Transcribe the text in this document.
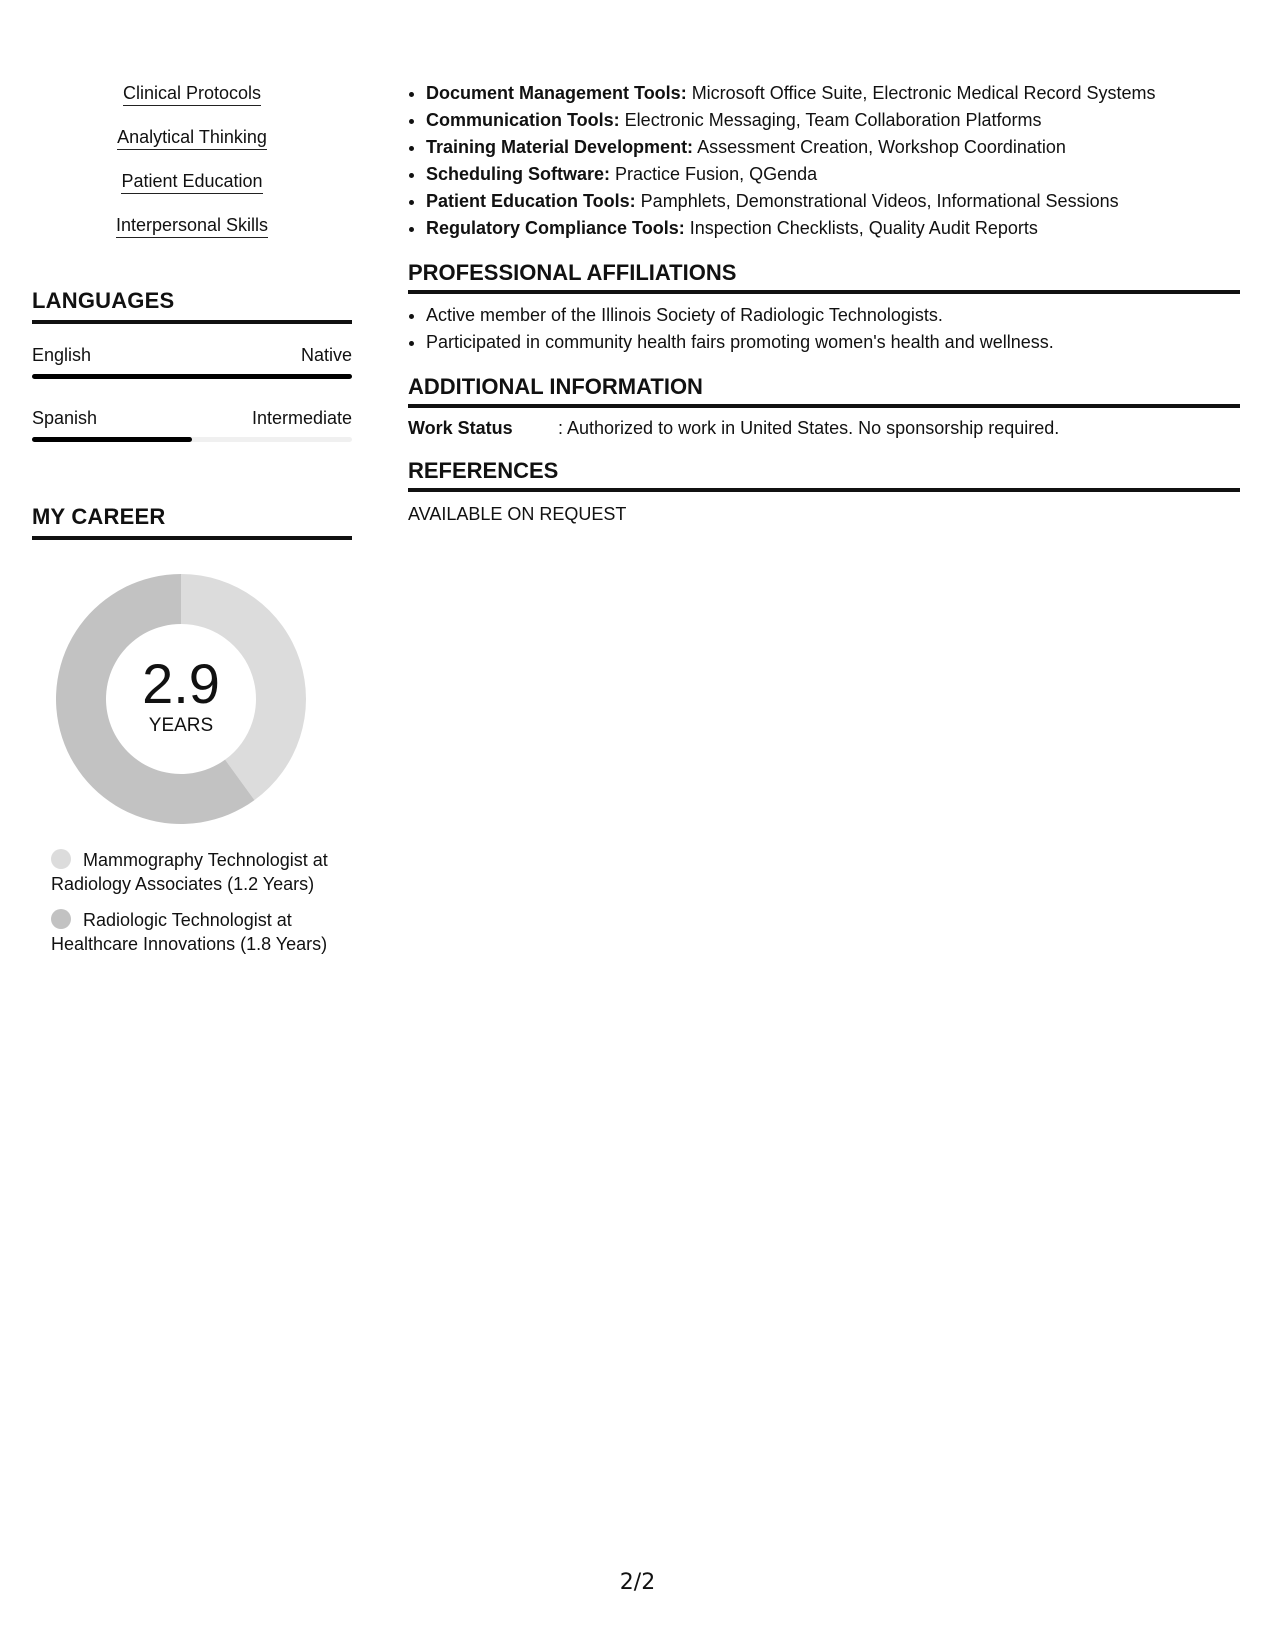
Clinical Protocols
Analytical Thinking
Patient Education
Interpersonal Skills
LANGUAGES
English	Native
Spanish	Intermediate
MY CAREER
2.9
YEARS
Mammography Technologist at Radiology Associates (1.2 Years)
Radiologic Technologist at Healthcare Innovations (1.8 Years)
• Document Management Tools: Microsoft Office Suite, Electronic Medical Record Systems
• Communication Tools: Electronic Messaging, Team Collaboration Platforms
• Training Material Development: Assessment Creation, Workshop Coordination
• Scheduling Software: Practice Fusion, QGenda
• Patient Education Tools: Pamphlets, Demonstrational Videos, Informational Sessions
• Regulatory Compliance Tools: Inspection Checklists, Quality Audit Reports
PROFESSIONAL AFFILIATIONS
• Active member of the Illinois Society of Radiologic Technologists.
• Participated in community health fairs promoting women's health and wellness.
ADDITIONAL INFORMATION
Work Status	: Authorized to work in United States. No sponsorship required.
REFERENCES
AVAILABLE ON REQUEST
2/2
